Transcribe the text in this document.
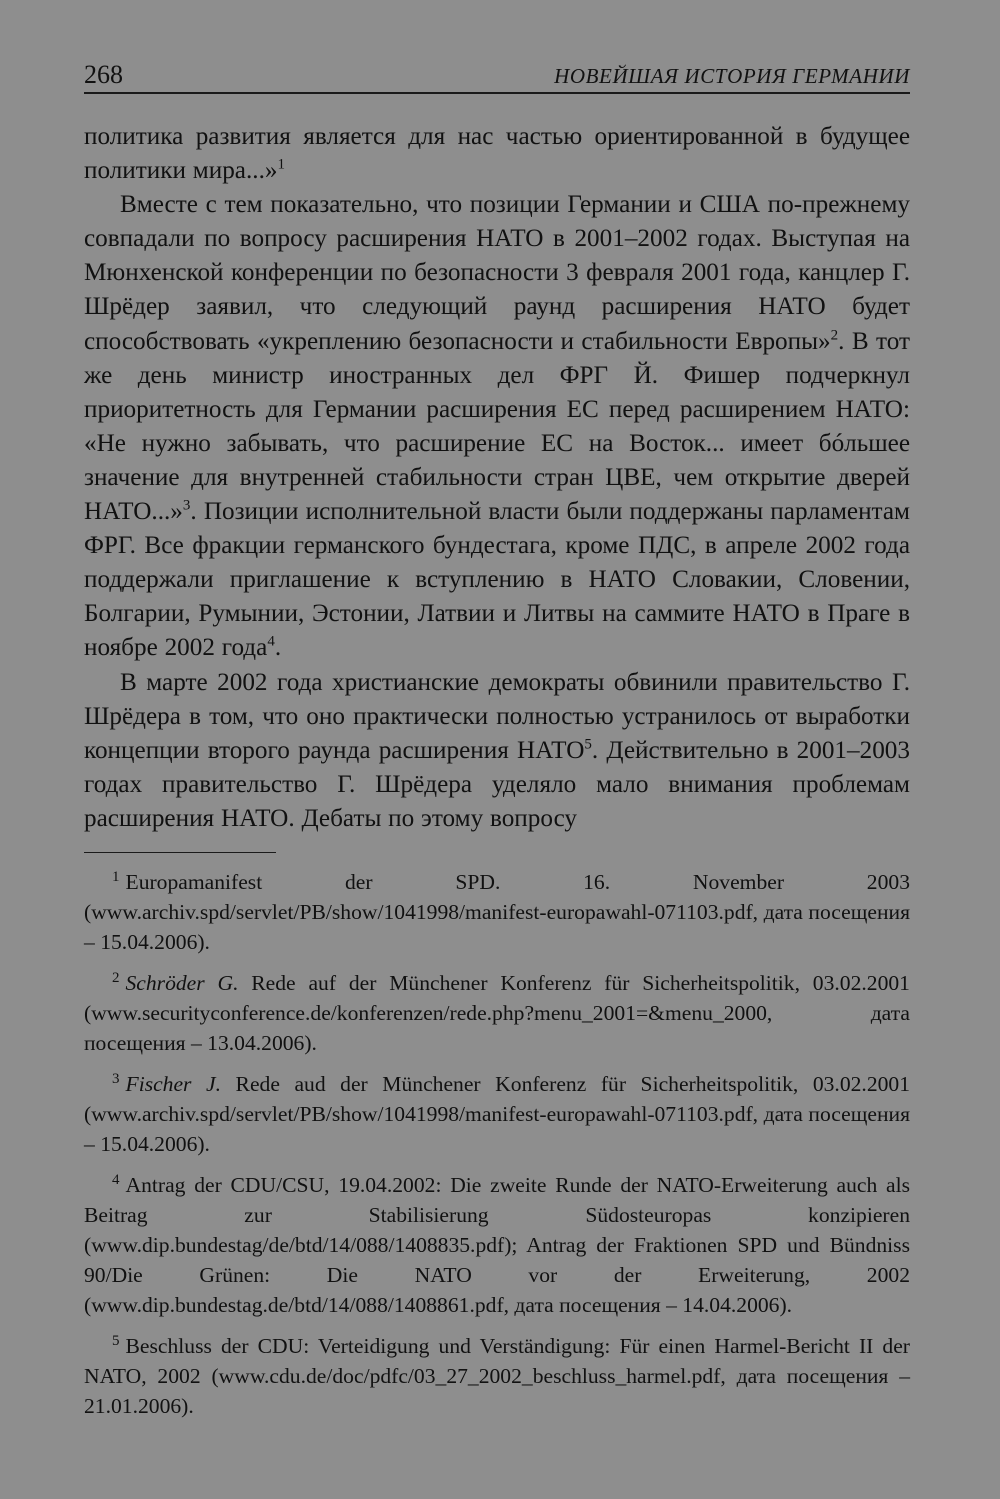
268	НОВЕЙШАЯ ИСТОРИЯ ГЕРМАНИИ

политика развития является для нас частью ориентированной в будущее политики мира...»$^1$

Вместе с тем показательно, что позиции Германии и США по-прежнему совпадали по вопросу расширения НАТО в 2001–2002 годах. Выступая на Мюнхенской конференции по безопасности 3 февраля 2001 года, канцлер Г. Шрёдер заявил, что следующий раунд расширения НАТО будет способствовать «укреплению безопасности и стабильности Европы»$^2$. В тот же день министр иностранных дел ФРГ Й. Фишер подчеркнул приоритетность для Германии расширения ЕС перед расширением НАТО: «Не нужно забывать, что расширение ЕС на Восток... имеет бóльшее значение для внутренней стабильности стран ЦВЕ, чем открытие дверей НАТО...»$^3$. Позиции исполнительной власти были поддержаны парламентам ФРГ. Все фракции германского бундестага, кроме ПДС, в апреле 2002 года поддержали приглашение к вступлению в НАТО Словакии, Словении, Болгарии, Румынии, Эстонии, Латвии и Литвы на саммите НАТО в Праге в ноябре 2002 года$^4$.

В марте 2002 года христианские демократы обвинили правительство Г. Шрёдера в том, что оно практически полностью устранилось от выработки концепции второго раунда расширения НАТО$^5$. Действительно в 2001–2003 годах правительство Г. Шрёдера уделяло мало внимания проблемам расширения НАТО. Дебаты по этому вопросу

$^1$ Europamanifest der SPD. 16. November 2003 (www.archiv.spd/servlet/PB/show/1041998/manifest-europawahl-071103.pdf, дата посещения – 15.04.2006).

$^2$ Schröder G. Rede auf der Münchener Konferenz für Sicherheitspolitik, 03.02.2001 (www.securityconference.de/konferenzen/rede.php?menu_2001=&menu_2000, дата посещения – 13.04.2006).

$^3$ Fischer J. Rede aud der Münchener Konferenz für Sicherheitspolitik, 03.02.2001 (www.archiv.spd/servlet/PB/show/1041998/manifest-europawahl-071103.pdf, дата посещения – 15.04.2006).

$^4$ Antrag der CDU/CSU, 19.04.2002: Die zweite Runde der NATO-Erweiterung auch als Beitrag zur Stabilisierung Südosteuropas konzipieren (www.dip.bundestag/de/btd/14/088/1408835.pdf); Antrag der Fraktionen SPD und Bündniss 90/Die Grünen: Die NATO vor der Erweiterung, 2002 (www.dip.bundestag.de/btd/14/088/1408861.pdf, дата посещения – 14.04.2006).

$^5$ Beschluss der CDU: Verteidigung und Verständigung: Für einen Harmel-Bericht II der NATO, 2002 (www.cdu.de/doc/pdfc/03_27_2002_beschluss_harmel.pdf, дата посещения – 21.01.2006).
